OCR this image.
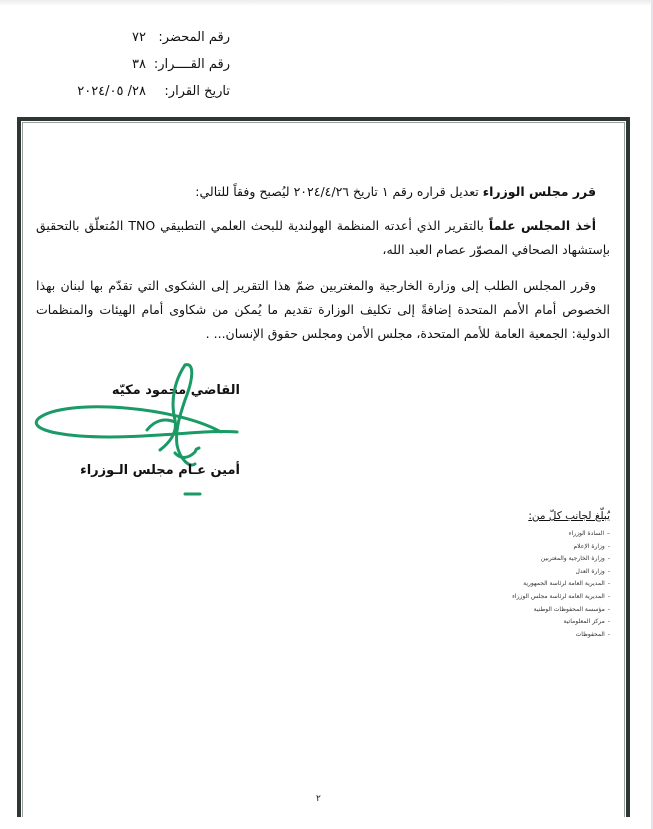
رقم المحضر:
٧٢
رقم القــــرار:
٣٨
تاريخ القرار:
٢٨/ ٢٠٢٤/٠٥

قرر مجلس الوزراء تعديل قراره رقم ١ تاريخ ٢٠٢٤/٤/٢٦ ليُصبح وفقاً للتالي:

أخذ المجلس علماً بالتقرير الذي أعدته المنظمة الهولندية للبحث العلمي التطبيقي TNO المُتعلّق بالتحقيق بإستشهاد الصحافي المصوّر عصام العبد الله،

وقرر المجلس الطلب إلى وزارة الخارجية والمغتربين ضمّ هذا التقرير إلى الشكوى التي تقدّم بها لبنان بهذا الخصوص أمام الأمم المتحدة إضافةً إلى تكليف الوزارة تقديم ما يُمكن من شكاوى أمام الهيئات والمنظمات الدولية: الجمعية العامة للأمم المتحدة، مجلس الأمن ومجلس حقوق الإنسان... .

القاضي محمود مكيّه
أمين عـام مجلس الـوزراء
يُبلّغ لجانب كلّ من:
–السادة الوزراء
-وزارة الإعلام
-وزارة الخارجية والمغتربين
-وزارة العدل
-المديرية العامة لرئاسة الجمهورية
-المديرية العامة لرئاسة مجلس الوزراء
-مؤسسة المحفوظات الوطنية
-مركز المعلوماتية
-المحفوظات
٢
